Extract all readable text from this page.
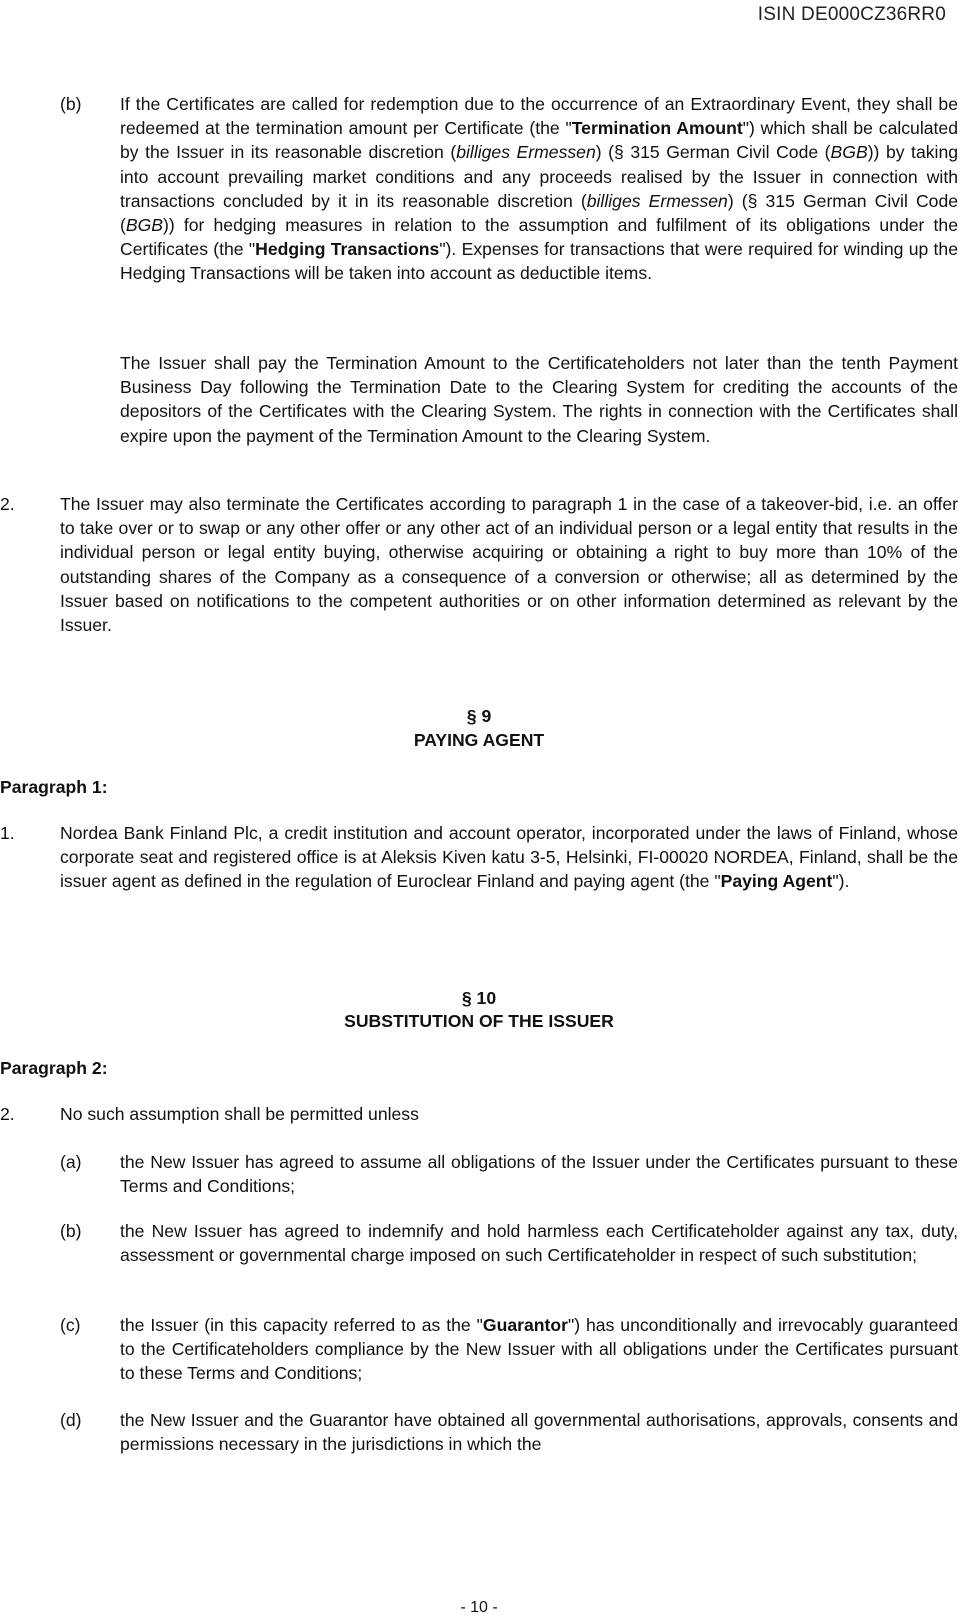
ISIN DE000CZ36RR0
(b) If the Certificates are called for redemption due to the occurrence of an Extraordinary Event, they shall be redeemed at the termination amount per Certificate (the "Termination Amount") which shall be calculated by the Issuer in its reasonable discretion (billiges Ermessen) (§ 315 German Civil Code (BGB)) by taking into account prevailing market conditions and any proceeds realised by the Issuer in connection with transactions concluded by it in its reasonable discretion (billiges Ermessen) (§ 315 German Civil Code (BGB)) for hedging measures in relation to the assumption and fulfilment of its obligations under the Certificates (the "Hedging Transactions"). Expenses for transactions that were required for winding up the Hedging Transactions will be taken into account as deductible items.
The Issuer shall pay the Termination Amount to the Certificateholders not later than the tenth Payment Business Day following the Termination Date to the Clearing System for crediting the accounts of the depositors of the Certificates with the Clearing System. The rights in connection with the Certificates shall expire upon the payment of the Termination Amount to the Clearing System.
2.	The Issuer may also terminate the Certificates according to paragraph 1 in the case of a takeover-bid, i.e. an offer to take over or to swap or any other offer or any other act of an individual person or a legal entity that results in the individual person or legal entity buying, otherwise acquiring or obtaining a right to buy more than 10% of the outstanding shares of the Company as a consequence of a conversion or otherwise; all as determined by the Issuer based on notifications to the competent authorities or on other information determined as relevant by the Issuer.
§ 9
PAYING AGENT
Paragraph 1:
1.	Nordea Bank Finland Plc, a credit institution and account operator, incorporated under the laws of Finland, whose corporate seat and registered office is at Aleksis Kiven katu 3-5, Helsinki, FI-00020 NORDEA, Finland, shall be the issuer agent as defined in the regulation of Euroclear Finland and paying agent (the "Paying Agent").
§ 10
SUBSTITUTION OF THE ISSUER
Paragraph 2:
2.	No such assumption shall be permitted unless
(a) the New Issuer has agreed to assume all obligations of the Issuer under the Certificates pursuant to these Terms and Conditions;
(b) the New Issuer has agreed to indemnify and hold harmless each Certificateholder against any tax, duty, assessment or governmental charge imposed on such Certificateholder in respect of such substitution;
(c) the Issuer (in this capacity referred to as the "Guarantor") has unconditionally and irrevocably guaranteed to the Certificateholders compliance by the New Issuer with all obligations under the Certificates pursuant to these Terms and Conditions;
(d) the New Issuer and the Guarantor have obtained all governmental authorisations, approvals, consents and permissions necessary in the jurisdictions in which the
- 10 -
